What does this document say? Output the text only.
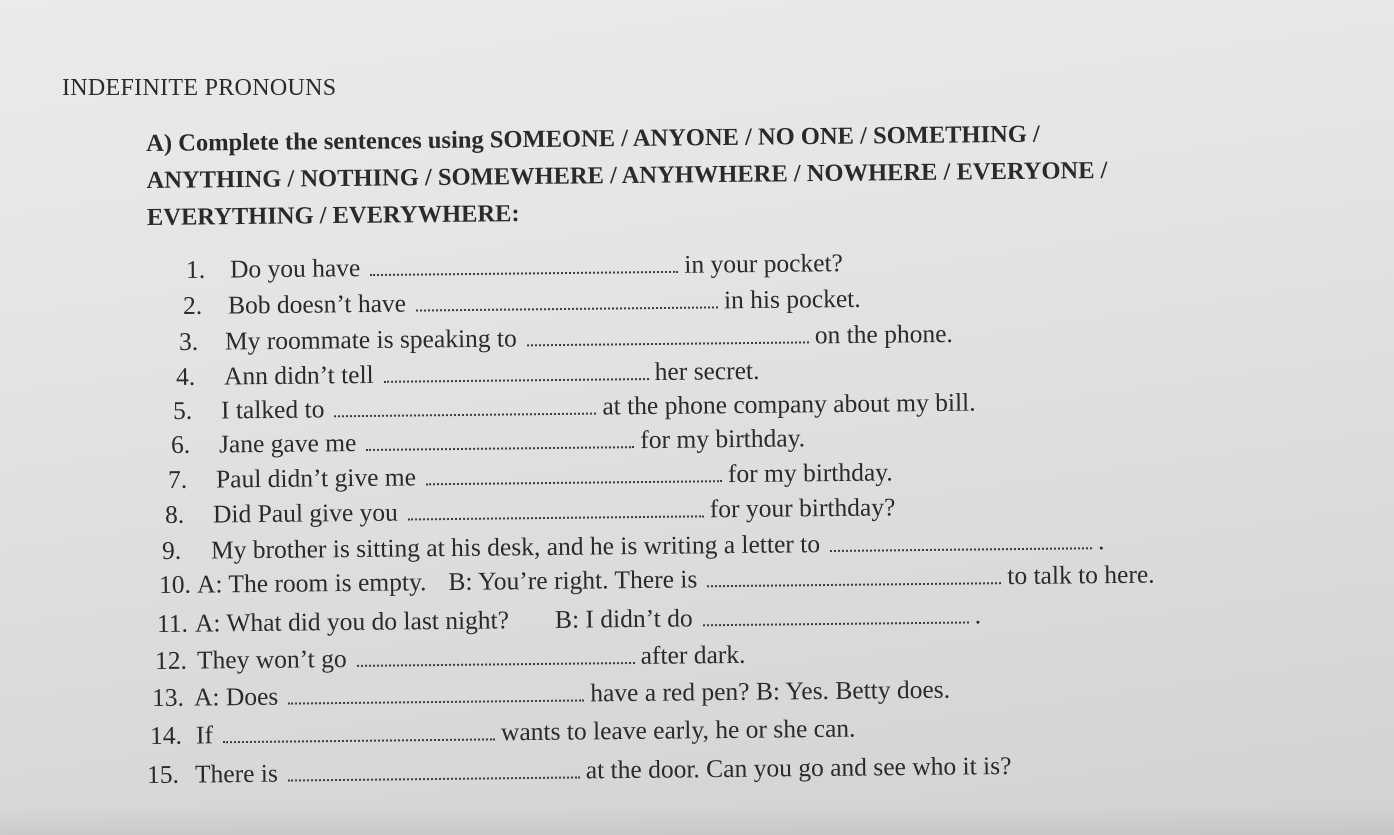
INDEFINITE PRONOUNS
A) Complete the sentences using SOMEONE / ANYONE / NO ONE / SOMETHING /
ANYTHING / NOTHING / SOMEWHERE / ANYHWHERE / NOWHERE / EVERYONE /
EVERYTHING / EVERYWHERE:
1. Do you have	in your pocket?
2. Bob doesn’t have	in his pocket.
3. My roommate is speaking to	on the phone.
4. Ann didn’t tell	her secret.
5. I talked to	at the phone company about my bill.
6. Jane gave me	for my birthday.
7. Paul didn’t give me	for my birthday.
8. Did Paul give you	for your birthday?
9. My brother is sitting at his desk, and he is writing a letter to	.
10. A: The room is empty. B: You’re right. There is	to talk to here.
11. A: What did you do last night? B: I didn’t do	.
12. They won’t go	after dark.
13. A: Does	have a red pen? B: Yes. Betty does.
14. If	wants to leave early, he or she can.
15. There is	at the door. Can you go and see who it is?
